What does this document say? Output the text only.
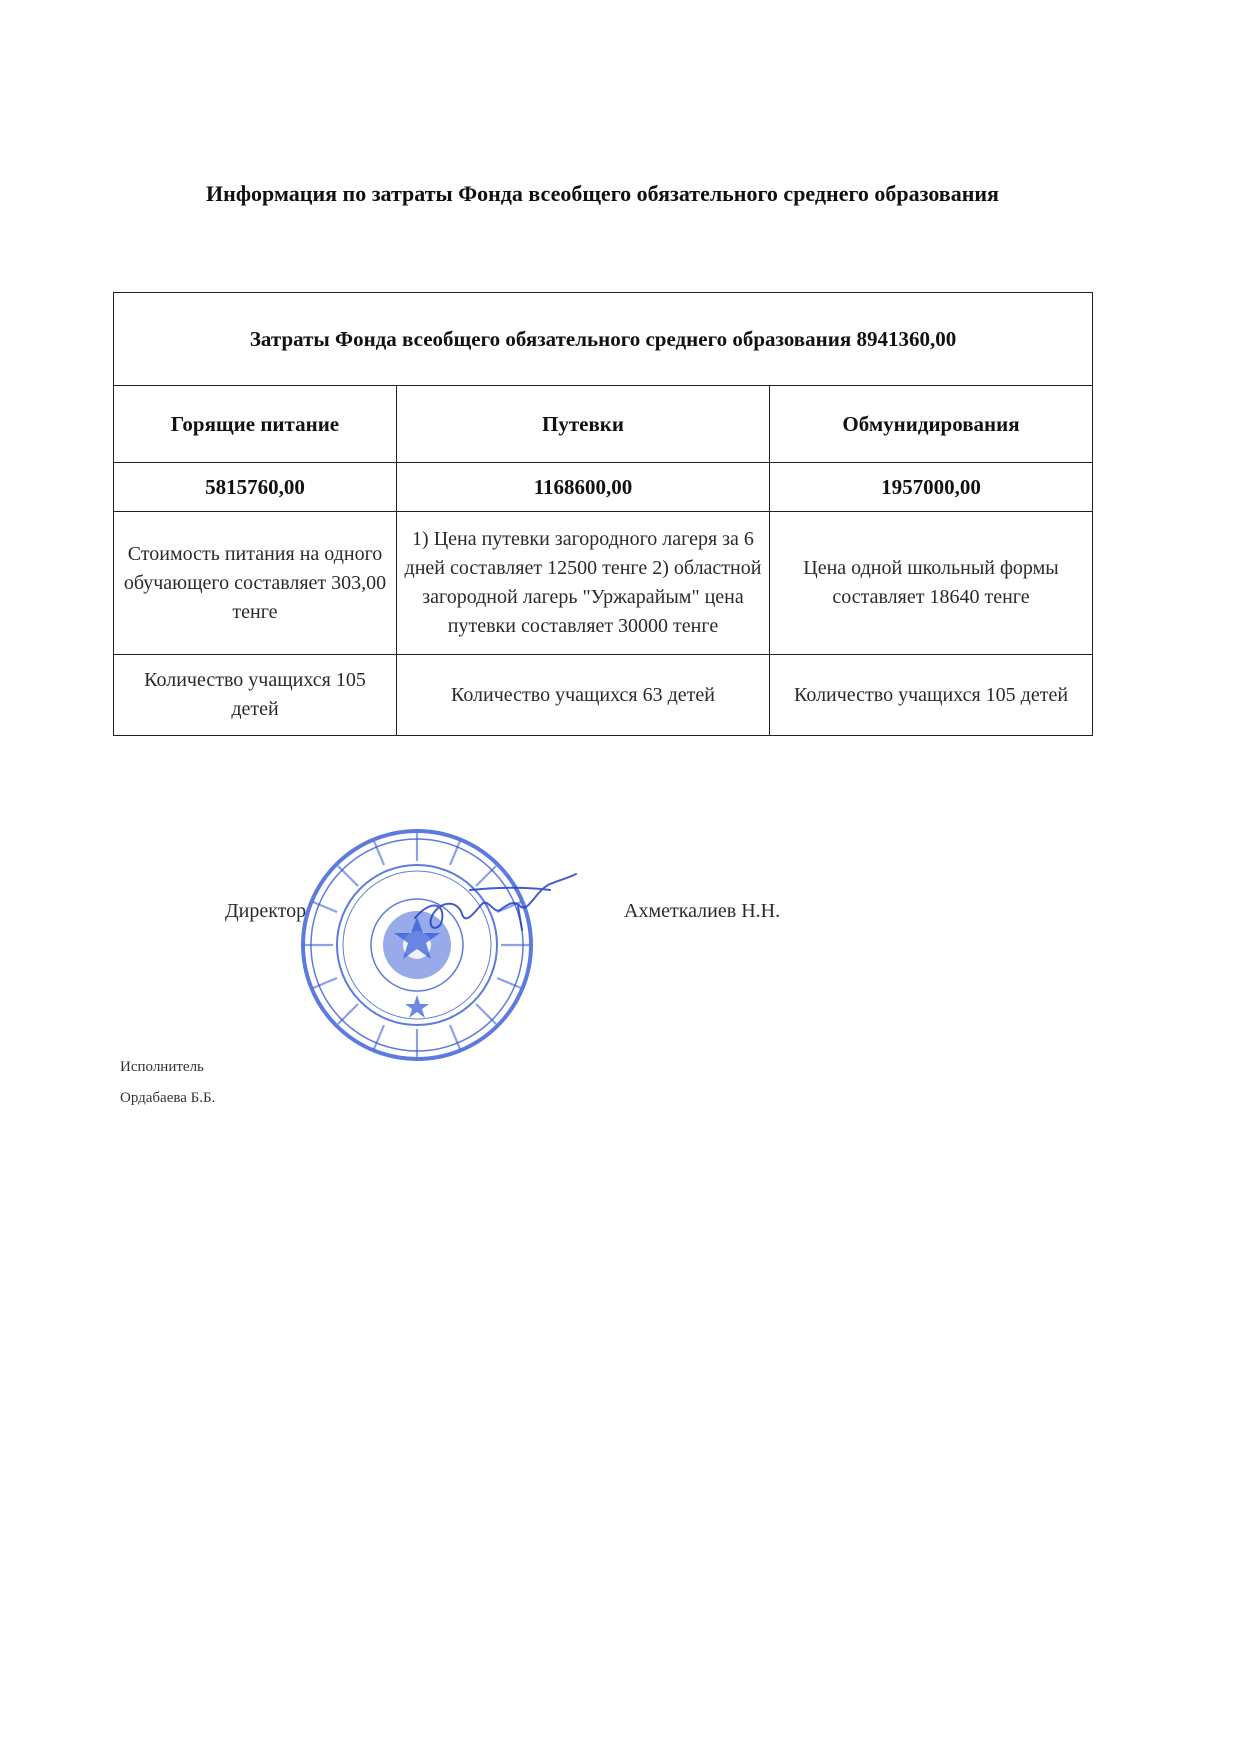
Информация по затраты Фонда всеобщего обязательного среднего образования
Затраты Фонда всеобщего обязательного среднего образования 8941360,00		
Горящие питание	Путевки	Обмунидирования
5815760,00	1168600,00	1957000,00
Стоимость питания на одного обучающего составляет 303,00 тенге	1) Цена путевки загородного лагеря за 6 дней составляет 12500 тенге 2) областной загородной лагерь "Уржарайым" цена путевки составляет 30000 тенге	Цена одной школьный формы составляет 18640 тенге
Количество учащихся 105 детей	Количество учащихся 63 детей	Количество учащихся 105 детей
Директор	Ахметкалиев Н.Н.
Исполнитель
Ордабаева Б.Б.
